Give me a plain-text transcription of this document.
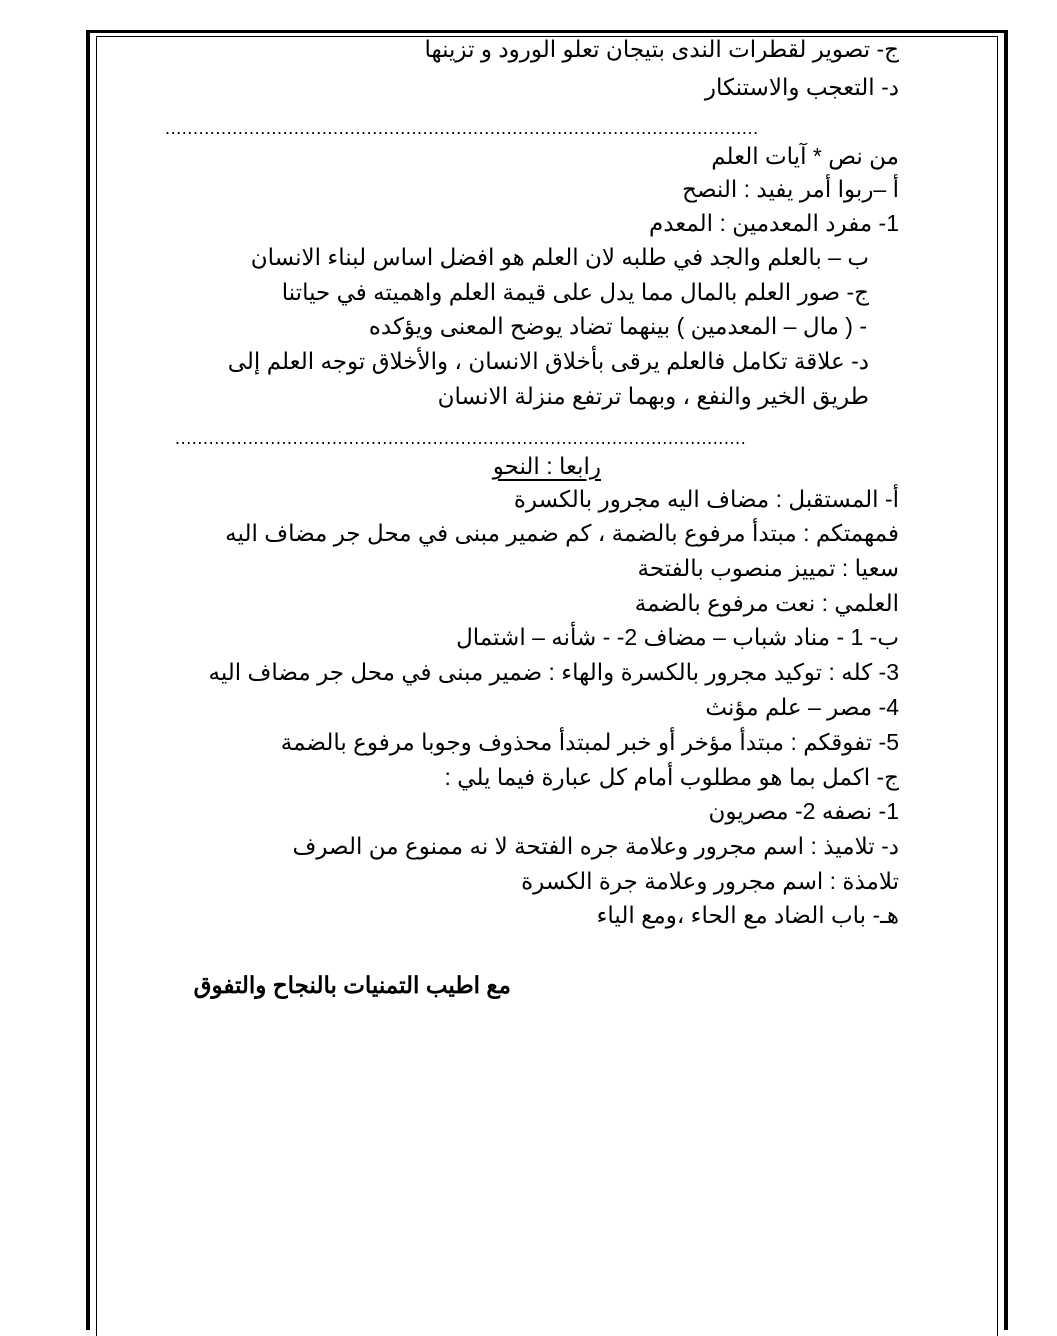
ج- تصوير لقطرات الندى بتيجان تعلو الورود و تزينها
د- التعجب والاستنكار
..........................................................................................................
من نص * آيات العلم
أ –ربوا أمر يفيد : النصح
1- مفرد المعدمين : المعدم
ب – بالعلم والجد في طلبه لان العلم هو افضل اساس لبناء الانسان
ج- صور العلم بالمال مما يدل على قيمة العلم واهميته في حياتنا
- ( مال – المعدمين ) بينهما تضاد يوضح المعنى ويؤكده
د- علاقة تكامل فالعلم يرقى بأخلاق الانسان ، والأخلاق توجه العلم إلى
طريق الخير والنفع ، وبهما ترتفع منزلة الانسان
......................................................................................................
رابعا : النحو
أ- المستقبل : مضاف اليه مجرور بالكسرة
فمهمتكم : مبتدأ مرفوع بالضمة ، كم ضمير مبنى في محل جر مضاف اليه
سعيا : تمييز منصوب بالفتحة
العلمي : نعت مرفوع بالضمة
ب- 1 - مناد شباب – مضاف 2- - شأنه – اشتمال
3- كله : توكيد مجرور بالكسرة والهاء : ضمير مبنى في محل جر مضاف اليه
4- مصر – علم مؤنث
5- تفوقكم : مبتدأ مؤخر أو خبر لمبتدأ محذوف وجوبا مرفوع بالضمة
ج- اكمل بما هو مطلوب أمام كل عبارة فيما يلي :
1- نصفه 2- مصريون
د- تلاميذ : اسم مجرور وعلامة جره الفتحة لا نه ممنوع من الصرف
تلامذة : اسم مجرور وعلامة جرة الكسرة
هـ- باب الضاد مع الحاء ،ومع الياء
مع اطيب التمنيات بالنجاح والتفوق
